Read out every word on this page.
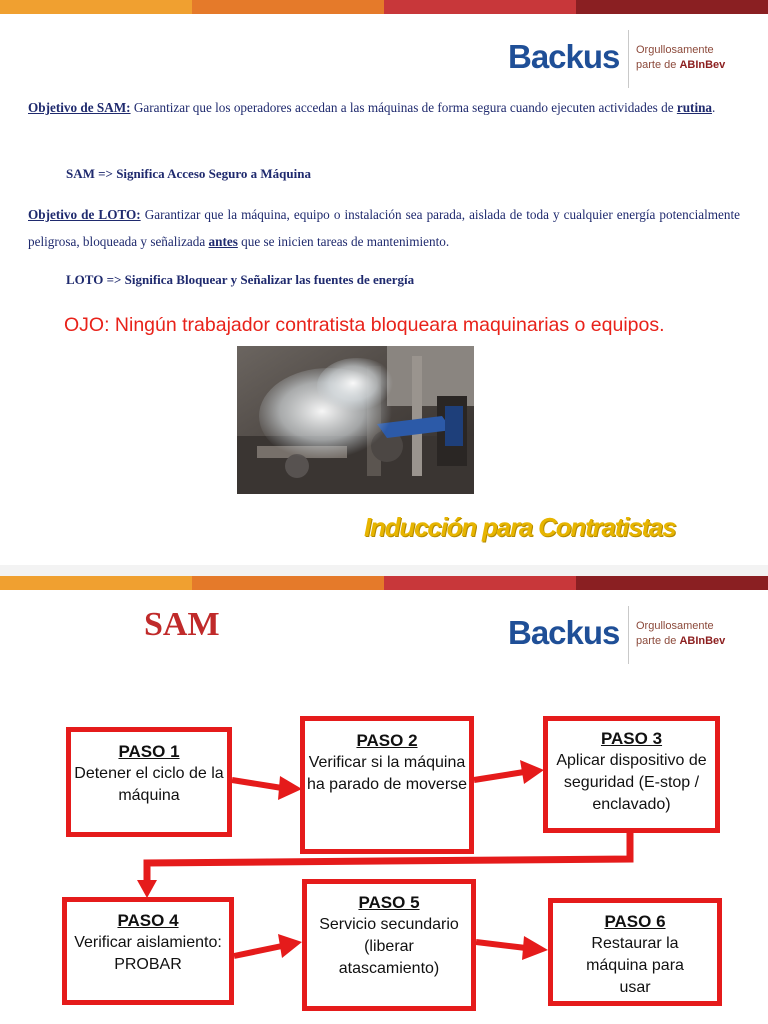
Backus Orgullosamente
parte de ABInBev
Objetivo de SAM: Garantizar que los operadores accedan a las máquinas de forma segura cuando ejecuten actividades de rutina.
SAM => Significa Acceso Seguro a Máquina
Objetivo de LOTO: Garantizar que la máquina, equipo o instalación sea parada, aislada de toda y cualquier energía potencialmente peligrosa, bloqueada y señalizada antes que se inicien tareas de mantenimiento.
LOTO => Significa Bloquear y Señalizar las fuentes de energía
OJO: Ningún trabajador contratista bloqueara maquinarias o equipos.
Inducción para Contratistas
SAM	Backus Orgullosamente
parte de ABInBev
PASO 1
Detener el ciclo de la máquina
PASO 2
Verificar si la máquina ha parado de moverse
PASO 3
Aplicar dispositivo de seguridad (E-stop / enclavado)
PASO 4
Verificar aislamiento: PROBAR
PASO 5
Servicio secundario (liberar atascamiento)
PASO 6
Restaurar la máquina para usar
